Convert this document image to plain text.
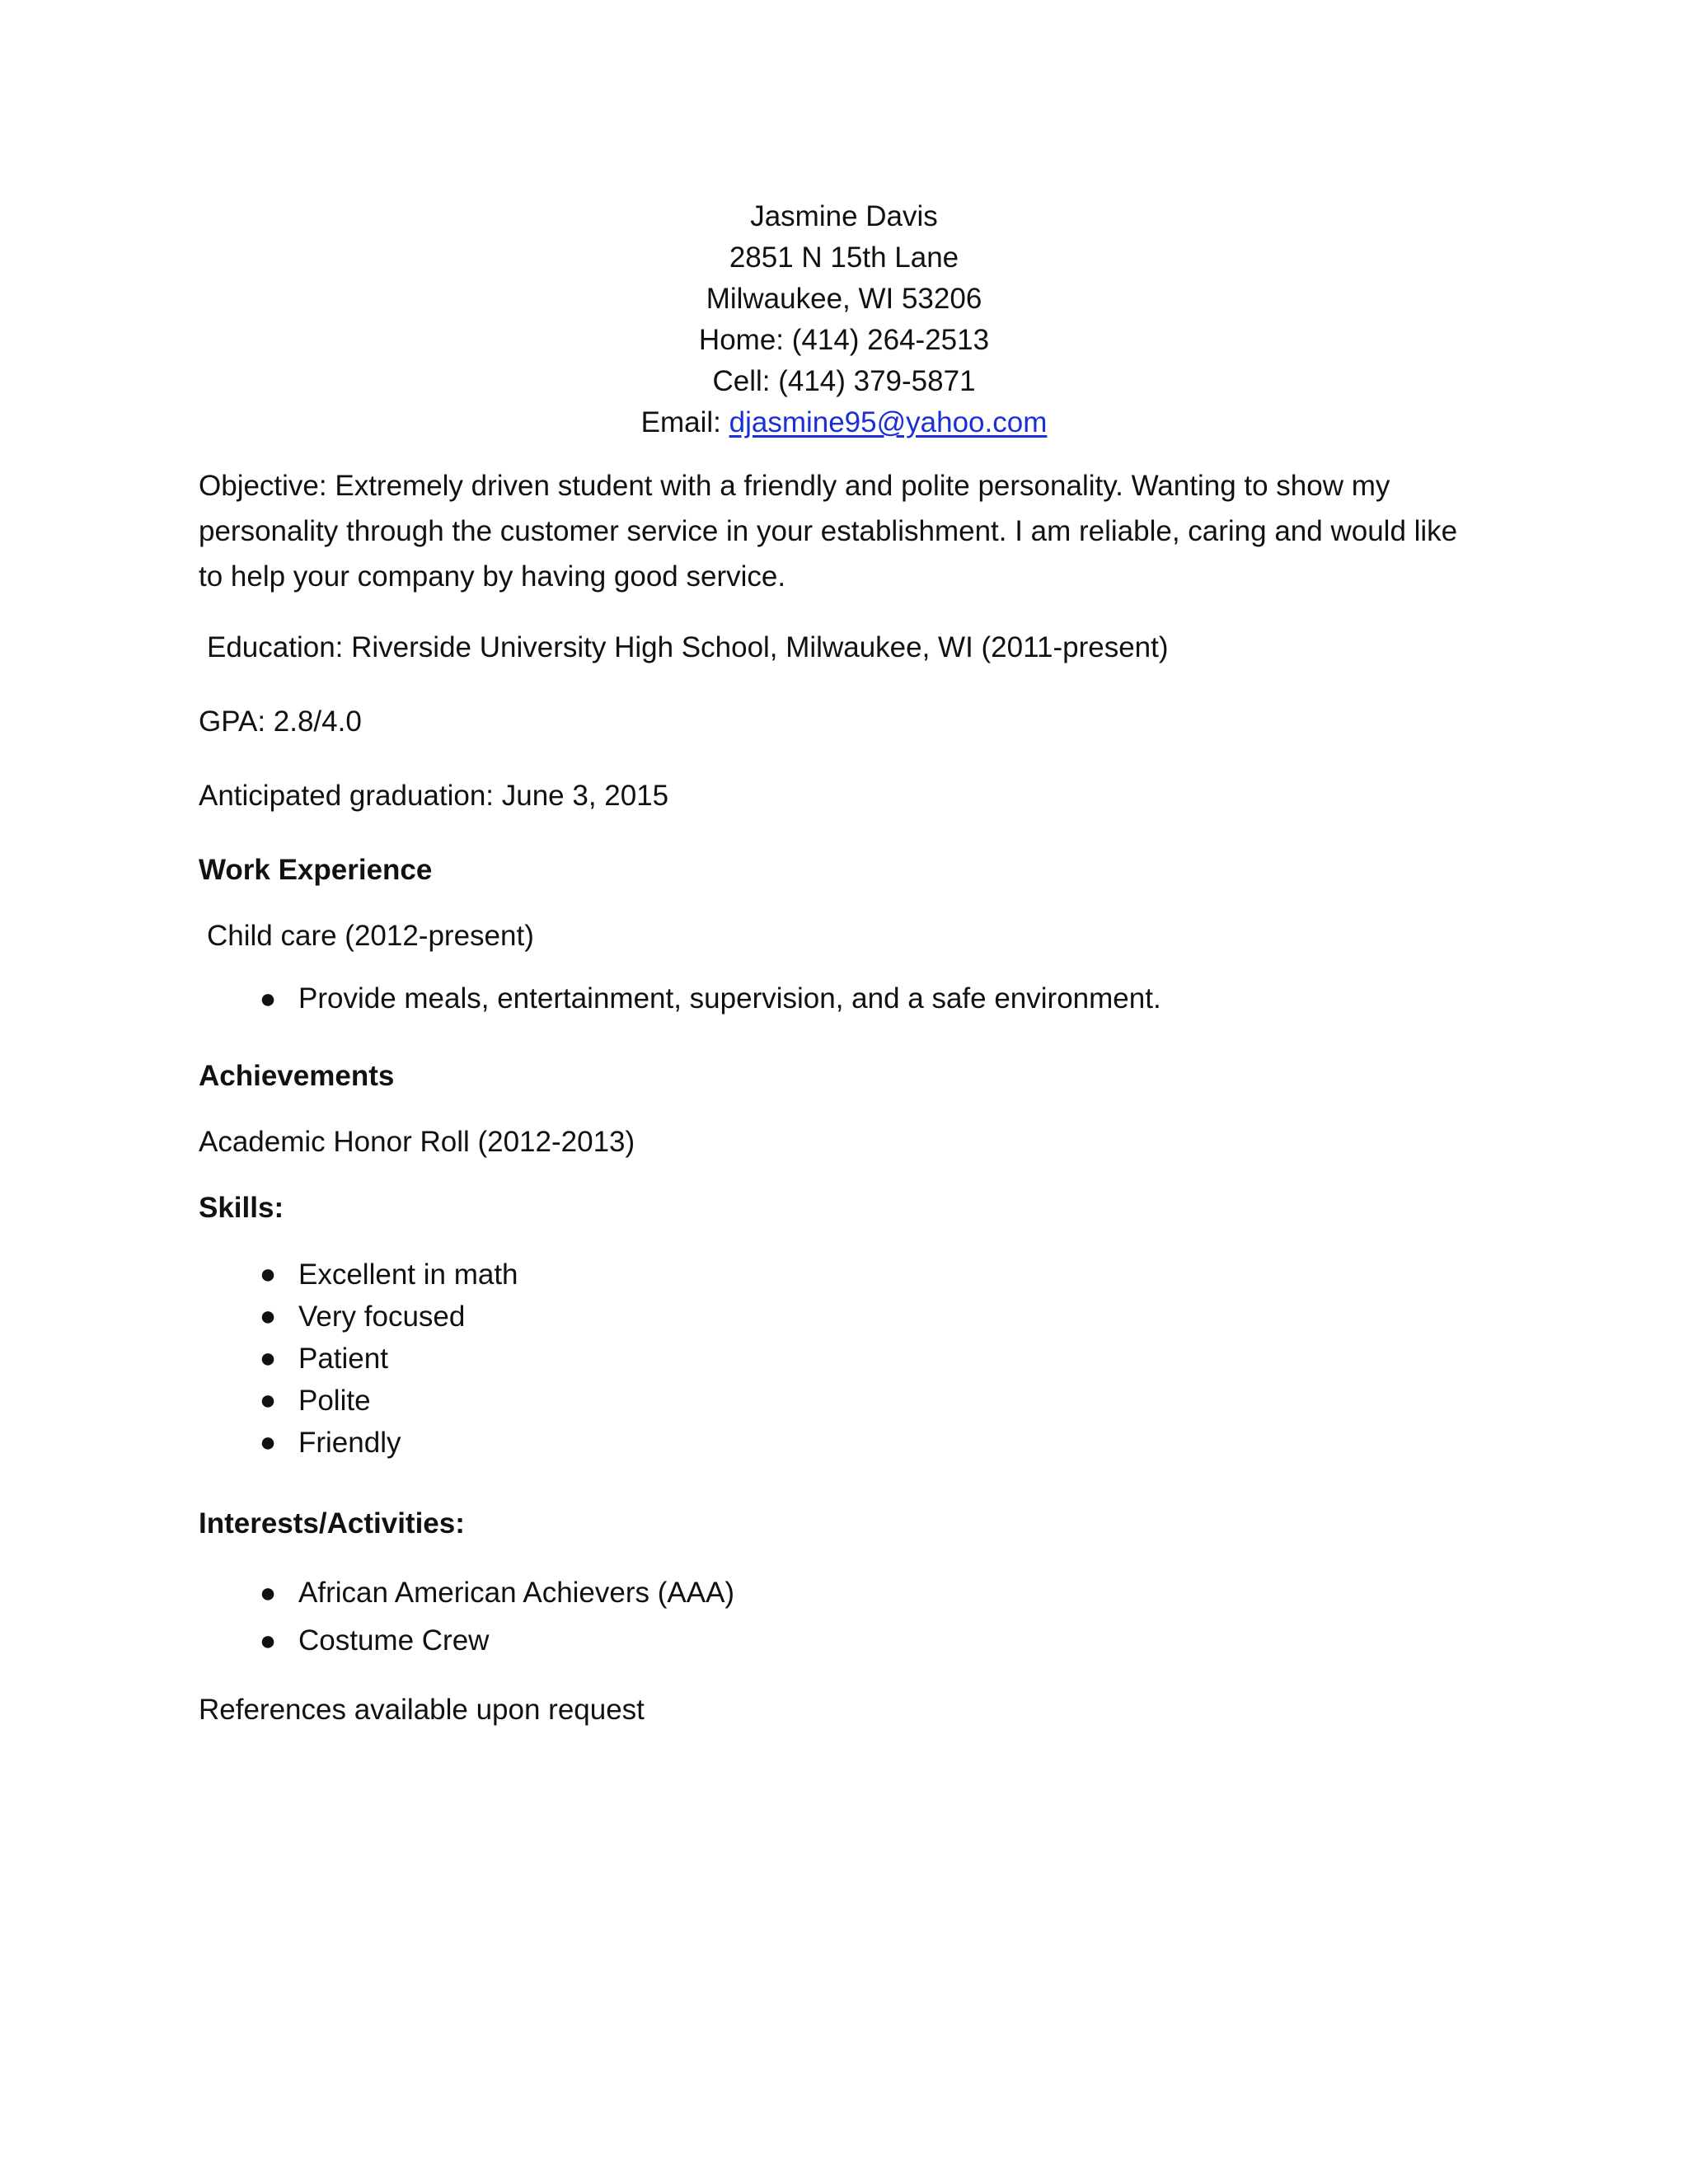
Jasmine Davis
2851 N 15th Lane
Milwaukee, WI 53206
Home: (414) 264-2513
Cell: (414) 379-5871
Email: djasmine95@yahoo.com

Objective: Extremely driven student with a friendly and polite personality. Wanting to show my personality through the customer service in your establishment. I am reliable, caring and would like to help your company by having good service.

Education: Riverside University High School, Milwaukee, WI (2011-present)

GPA: 2.8/4.0

Anticipated graduation: June 3, 2015

Work Experience

Child care (2012-present)

● Provide meals, entertainment, supervision, and a safe environment.
Achievements

Academic Honor Roll (2012-2013)

Skills:
● Excellent in math
● Very focused
● Patient
● Polite
● Friendly
Interests/Activities:
● African American Achievers (AAA)
● Costume Crew

References available upon request
